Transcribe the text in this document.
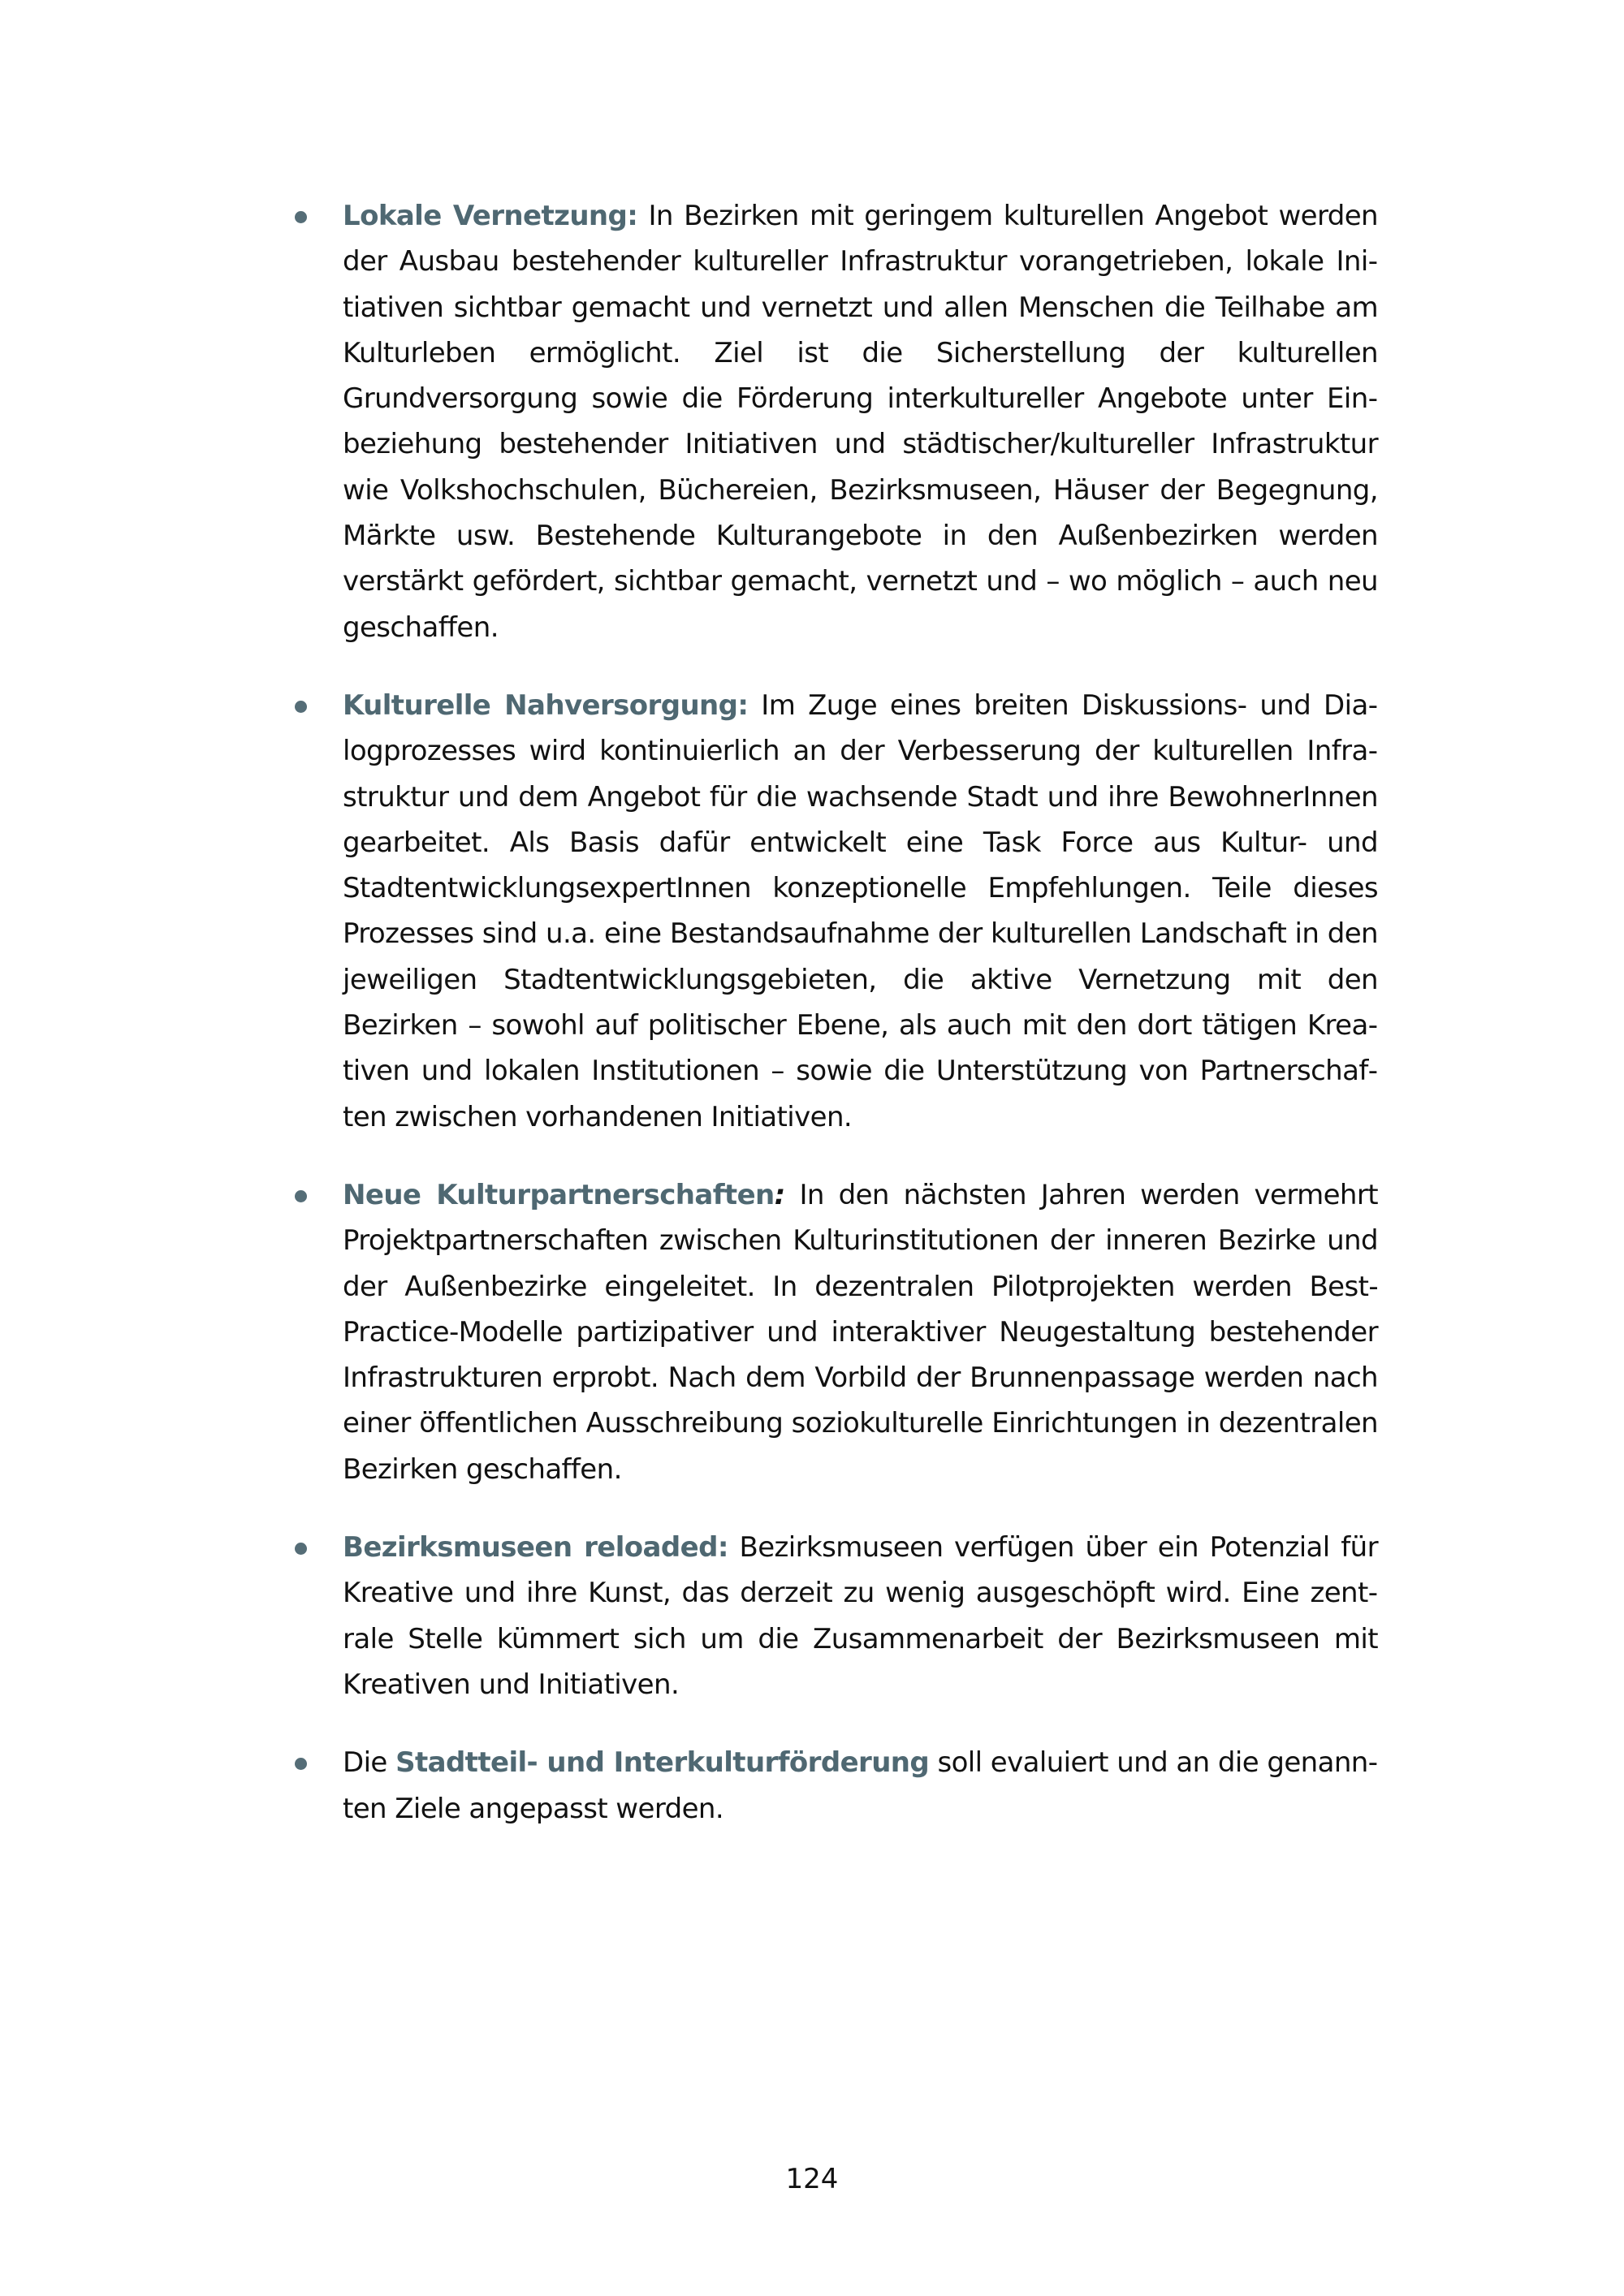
Lokale Vernetzung: In Bezirken mit geringem kulturellen Angebot werden der Ausbau bestehender kultureller Infrastruktur vorangetrieben, lokale Initiativen sichtbar gemacht und vernetzt und allen Menschen die Teilhabe am Kulturleben ermöglicht. Ziel ist die Sicherstellung der kulturellen Grundversorgung sowie die Förderung interkultureller Angebote unter Einbeziehung bestehender Initiativen und städtischer/kultureller Infrastruktur wie Volkshochschulen, Büchereien, Bezirksmuseen, Häuser der Begegnung, Märkte usw. Bestehende Kulturangebote in den Außenbezirken werden verstärkt gefördert, sichtbar gemacht, vernetzt und – wo möglich – auch neu geschaffen.
Kulturelle Nahversorgung: Im Zuge eines breiten Diskussions- und Dialogprozesses wird kontinuierlich an der Verbesserung der kulturellen Infrastruktur und dem Angebot für die wachsende Stadt und ihre BewohnerInnen gearbeitet. Als Basis dafür entwickelt eine Task Force aus Kultur- und StadtentwicklungsexpertInnen konzeptionelle Empfehlungen. Teile dieses Prozesses sind u.a. eine Bestandsaufnahme der kulturellen Landschaft in den jeweiligen Stadtentwicklungsgebieten, die aktive Vernetzung mit den Bezirken – sowohl auf politischer Ebene, als auch mit den dort tätigen Kreativen und lokalen Institutionen – sowie die Unterstützung von Partnerschaften zwischen vorhandenen Initiativen.
Neue Kulturpartnerschaften: In den nächsten Jahren werden vermehrt Projektpartnerschaften zwischen Kulturinstitutionen der inneren Bezirke und der Außenbezirke eingeleitet. In dezentralen Pilotprojekten werden Best-Practice-Modelle partizipativer und interaktiver Neugestaltung bestehender Infrastrukturen erprobt. Nach dem Vorbild der Brunnenpassage werden nach einer öffentlichen Ausschreibung soziokulturelle Einrichtungen in dezentralen Bezirken geschaffen.
Bezirksmuseen reloaded: Bezirksmuseen verfügen über ein Potenzial für Kreative und ihre Kunst, das derzeit zu wenig ausgeschöpft wird. Eine zentrale Stelle kümmert sich um die Zusammenarbeit der Bezirksmuseen mit Kreativen und Initiativen.
Die Stadtteil- und Interkulturförderung soll evaluiert und an die genannten Ziele angepasst werden.
124
